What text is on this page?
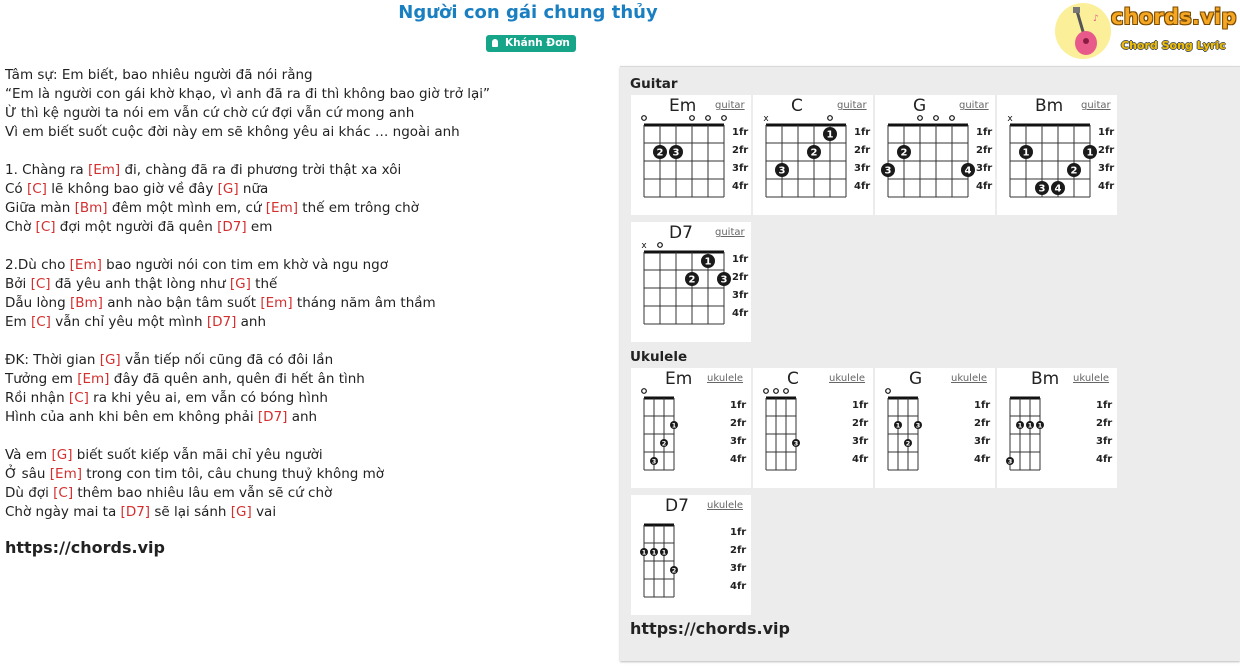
Người con gái chung thủy
Khánh Đơn
♪ chords.vip
Chord Song Lyric
Tâm sự: Em biết, bao nhiêu người đã nói rằng
“Em là người con gái khờ khạo, vì anh đã ra đi thì không bao giờ trở lại”
Ừ thì kệ người ta nói em vẫn cứ chờ cứ đợi vẫn cứ mong anh
Vì em biết suốt cuộc đời này em sẽ không yêu ai khác … ngoài anh
1. Chàng ra [Em] đi, chàng đã ra đi phương trời thật xa xôi
Có [C] lẽ không bao giờ về đây [G] nữa
Giữa màn [Bm] đêm một mình em, cứ [Em] thế em trông chờ
Chờ [C] đợi một người đã quên [D7] em
2.Dù cho [Em] bao người nói con tim em khờ và ngu ngơ
Bởi [C] đã yêu anh thật lòng như [G] thế
Dẫu lòng [Bm] anh nào bận tâm suốt [Em] tháng năm âm thầm
Em [C] vẫn chỉ yêu một mình [D7] anh
ĐK: Thời gian [G] vẫn tiếp nối cũng đã có đôi lần
Tưởng em [Em] đây đã quên anh, quên đi hết ân tình
Rồi nhận [C] ra khi yêu ai, em vẫn có bóng hình
Hình của anh khi bên em không phải [D7] anh
Và em [G] biết suốt kiếp vẫn mãi chỉ yêu người
Ở sâu [Em] trong con tim tôi, câu chung thuỷ không mờ
Dù đợi [C] thêm bao nhiêu lâu em vẫn sẽ cứ chờ
Chờ ngày mai ta [D7] sẽ lại sánh [G] vai
https://chords.vip
Guitar
Ukulele
2 3
Em guitar
1fr
2fr
3fr
4fr
x
1
2
3
C	guitar
1fr
2fr
3fr
4fr
2
3	4
G	guitar
1fr
2fr
3fr
4fr
x
1	1
2
3 4
Bm guitar
1fr
2fr
3fr
4fr
x
1
2	3
D7 guitar
1fr
2fr
3fr
4fr
1
2
3
Em ukulele
1fr
2fr
3fr
4fr
3
C	ukulele
1fr
2fr
3fr
4fr
1 3
2
G	ukulele
1fr
2fr
3fr
4fr
1 1 1
3
Bm ukulele
1fr
2fr
3fr
4fr
1 1 1
2
D7 ukulele
1fr
2fr
3fr
4fr
https://chords.vip
